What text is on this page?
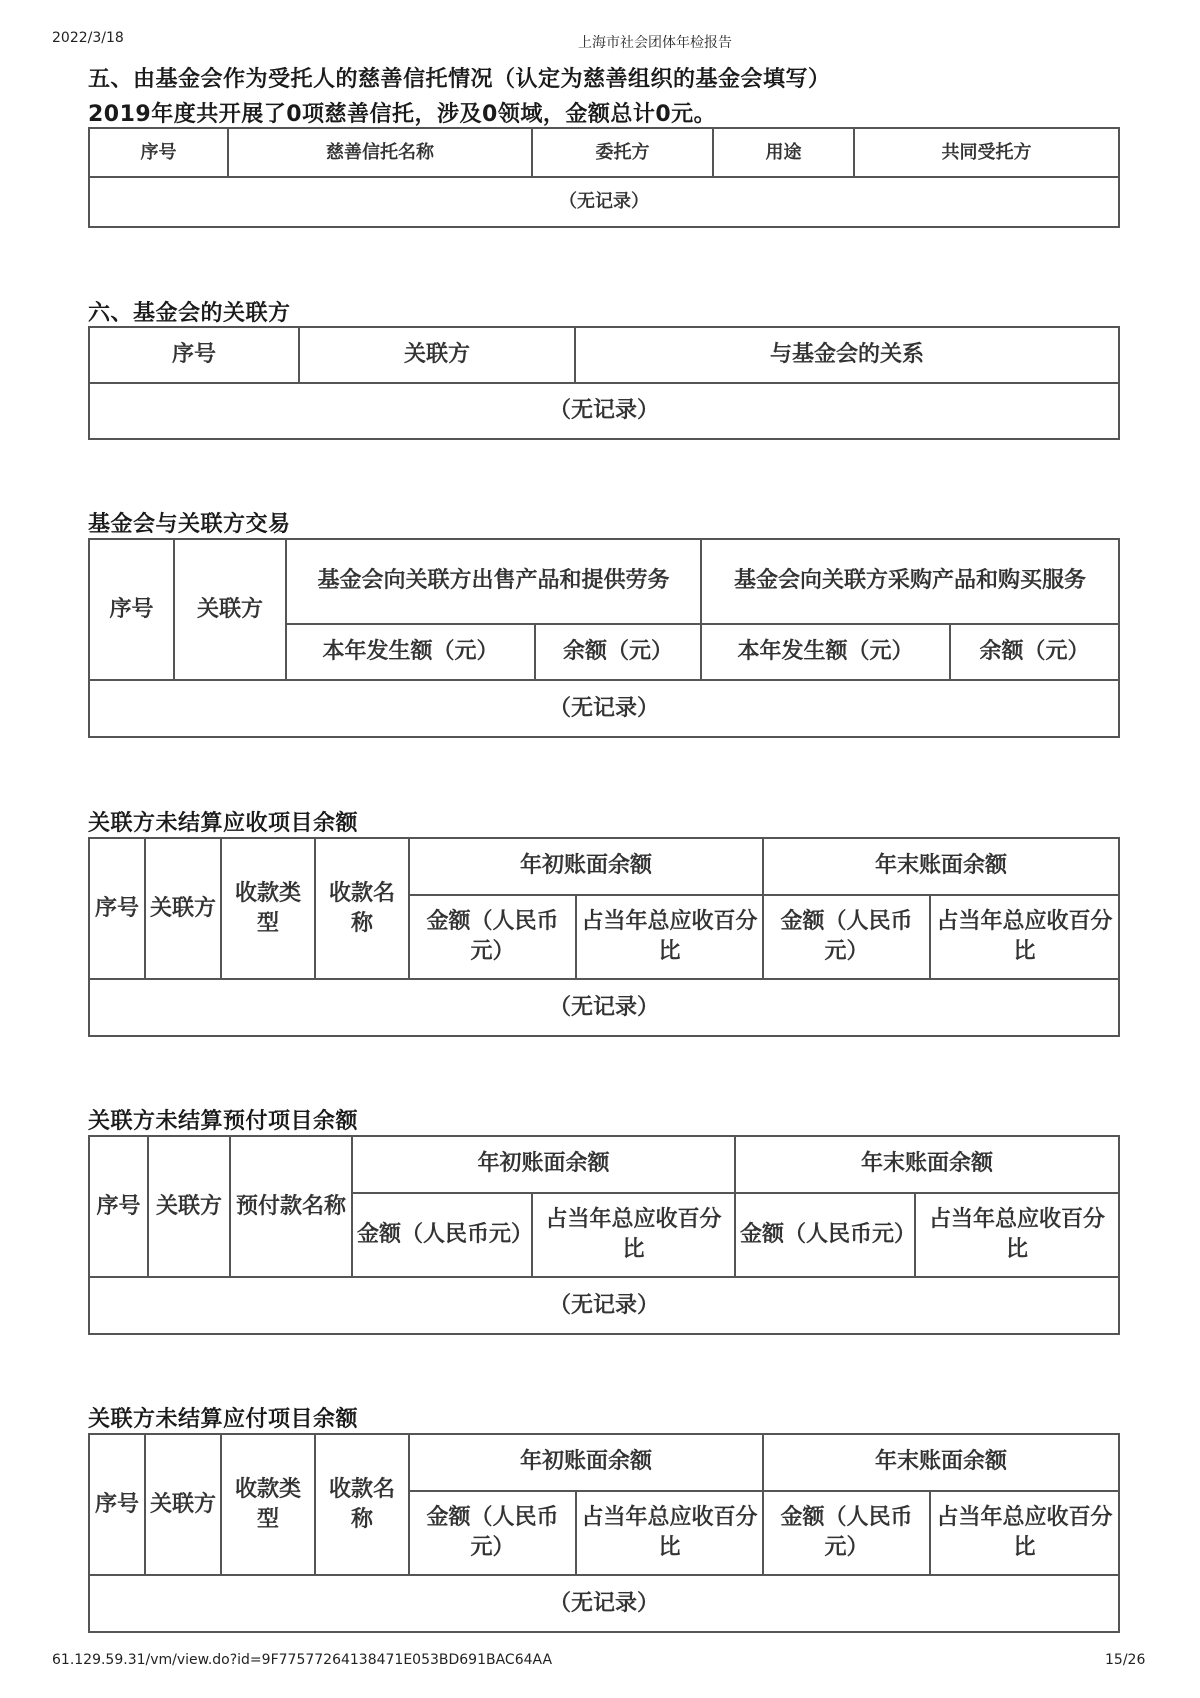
2022/3/18	上海市社会团体年检报告
五、由基金会作为受托人的慈善信托情况（认定为慈善组织的基金会填写）
2019年度共开展了0项慈善信托，涉及0领域，金额总计0元。
序号	慈善信托名称	委托方	用途	共同受托方
（无记录）
六、基金会的关联方
序号	关联方	与基金会的关系
（无记录）
基金会与关联方交易
序号	关联方	基金会向关联方出售产品和提供劳务		基金会向关联方采购产品和购买服务	
		本年发生额（元）	余额（元）	本年发生额（元）	余额（元）
（无记录）					
关联方未结算应收项目余额
序号	关联方	收款类型	收款名称	年初账面余额		年末账面余额	
				金额（人民币元）	占当年总应收百分比	金额（人民币元）	占当年总应收百分比
（无记录）							
关联方未结算预付项目余额
序号	关联方	预付款名称	年初账面余额		年末账面余额	
			金额（人民币元）	占当年总应收百分比	金额（人民币元）	占当年总应收百分比
（无记录）						
关联方未结算应付项目余额
序号	关联方	收款类型	收款名称	年初账面余额		年末账面余额	
				金额（人民币元）	占当年总应收百分比	金额（人民币元）	占当年总应收百分比
（无记录）							
61.129.59.31/vm/view.do?id=9F77577264138471E053BD691BAC64AA	15/26
